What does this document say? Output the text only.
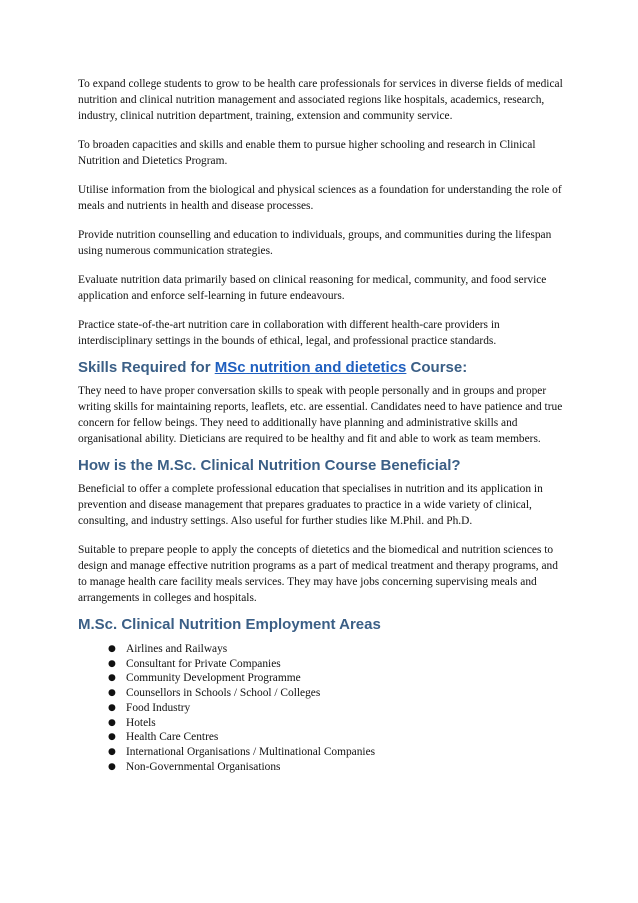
To expand college students to grow to be health care professionals for services in diverse fields of medical nutrition and clinical nutrition management and associated regions like hospitals, academics, research, industry, clinical nutrition department, training, extension and community service.

To broaden capacities and skills and enable them to pursue higher schooling and research in Clinical Nutrition and Dietetics Program.

Utilise information from the biological and physical sciences as a foundation for understanding the role of meals and nutrients in health and disease processes.

Provide nutrition counselling and education to individuals, groups, and communities during the lifespan using numerous communication strategies.

Evaluate nutrition data primarily based on clinical reasoning for medical, community, and food service application and enforce self-learning in future endeavours.

Practice state-of-the-art nutrition care in collaboration with different health-care providers in interdisciplinary settings in the bounds of ethical, legal, and professional practice standards.

Skills Required for MSc nutrition and dietetics Course:

They need to have proper conversation skills to speak with people personally and in groups and proper writing skills for maintaining reports, leaflets, etc. are essential. Candidates need to have patience and true concern for fellow beings. They need to additionally have planning and administrative skills and organisational ability. Dieticians are required to be healthy and fit and able to work as team members.

How is the M.Sc. Clinical Nutrition Course Beneficial?

Beneficial to offer a complete professional education that specialises in nutrition and its application in prevention and disease management that prepares graduates to practice in a wide variety of clinical, consulting, and industry settings. Also useful for further studies like M.Phil. and Ph.D.

Suitable to prepare people to apply the concepts of dietetics and the biomedical and nutrition sciences to design and manage effective nutrition programs as a part of medical treatment and therapy programs, and to manage health care facility meals services. They may have jobs concerning supervising meals and arrangements in colleges and hospitals.

M.Sc. Clinical Nutrition Employment Areas
● Airlines and Railways
● Consultant for Private Companies
● Community Development Programme
● Counsellors in Schools / School / Colleges
● Food Industry
● Hotels
● Health Care Centres
● International Organisations / Multinational Companies
● Non-Governmental Organisations
